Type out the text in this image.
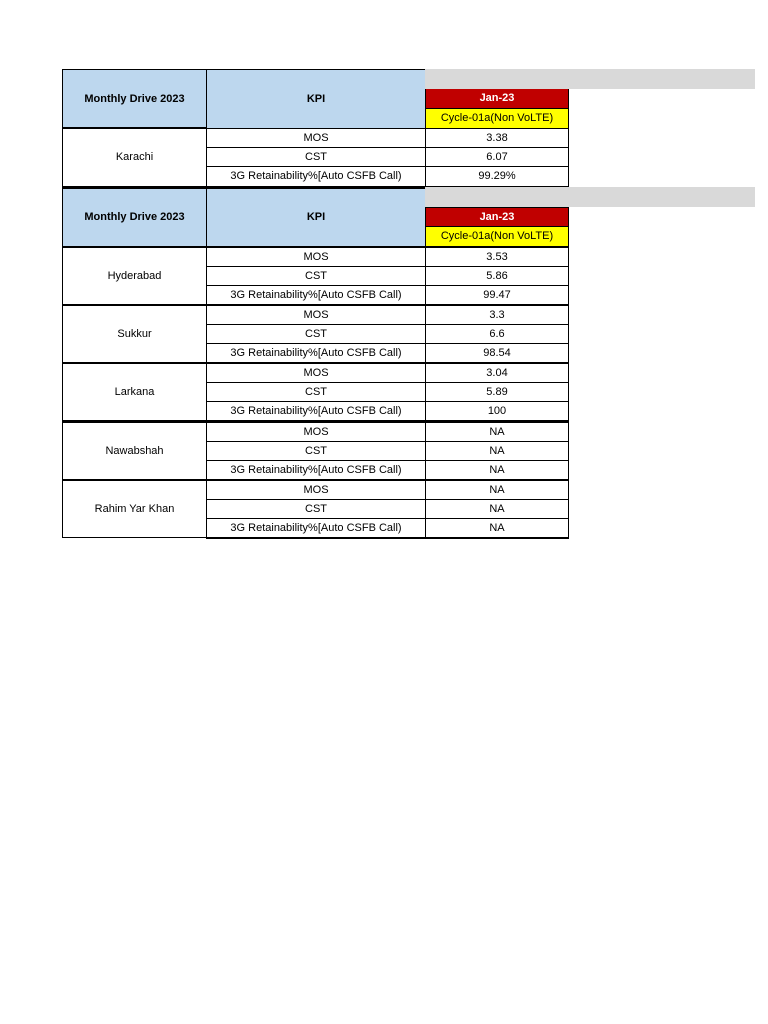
Monthly Drive 2023	KPI	
		Jan-23
		Cycle-01a(Non VoLTE)
Karachi	MOS	3.38
	CST	6.07
	3G Retainability%[Auto CSFB Call)	99.29%
Monthly Drive 2023	KPI	
		Jan-23
		Cycle-01a(Non VoLTE)
Hyderabad	MOS	3.53
	CST	5.86
	3G Retainability%[Auto CSFB Call)	99.47
Sukkur	MOS	3.3
	CST	6.6
	3G Retainability%[Auto CSFB Call)	98.54
Larkana	MOS	3.04
	CST	5.89
	3G Retainability%[Auto CSFB Call)	100
Nawabshah	MOS	NA
	CST	NA
	3G Retainability%[Auto CSFB Call)	NA
Rahim Yar Khan	MOS	NA
	CST	NA
	3G Retainability%[Auto CSFB Call)	NA
